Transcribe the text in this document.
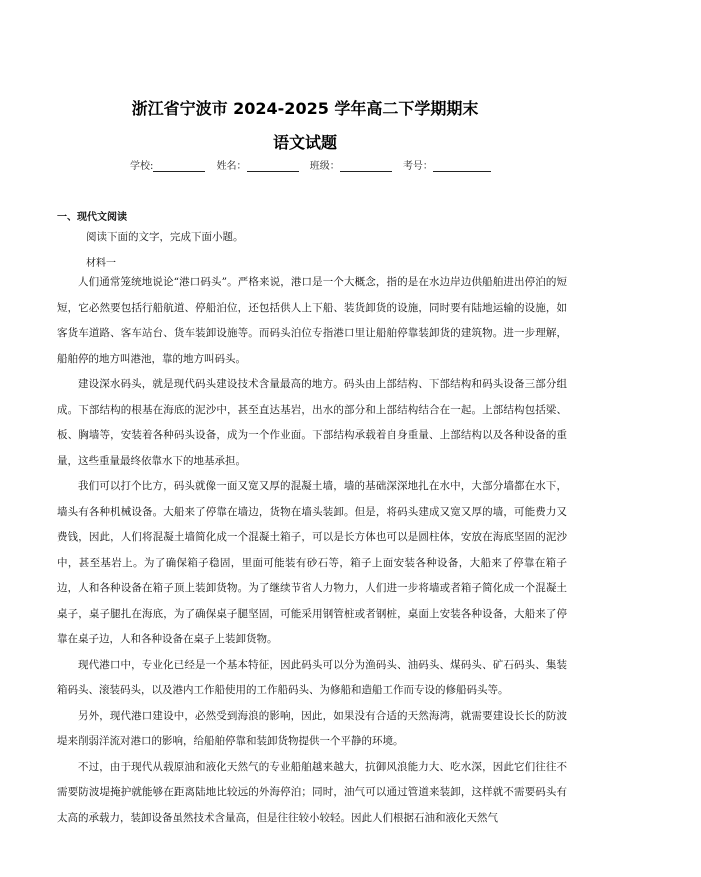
浙江省宁波市 2024-2025 学年高二下学期期末
语文试题
学校:	姓名：	班级：	考号：
一、现代文阅读
阅读下面的文字，完成下面小题。
材料一

人们通常笼统地说论“港口码头”。严格来说，港口是一个大概念，指的是在水边岸边供船舶进出停泊的短短，它必然要包括行船航道、停船泊位，还包括供人上下船、装货卸货的设施，同时要有陆地运输的设施，如客货车道路、客车站台、货车装卸设施等。而码头泊位专指港口里让船舶停靠装卸货的建筑物。进一步理解，船舶停的地方叫港池，靠的地方叫码头。

建设深水码头，就是现代码头建设技术含量最高的地方。码头由上部结构、下部结构和码头设备三部分组成。下部结构的根基在海底的泥沙中，甚至直达基岩，出水的部分和上部结构结合在一起。上部结构包括梁、板、胸墙等，安装着各种码头设备，成为一个作业面。下部结构承载着自身重量、上部结构以及各种设备的重量，这些重量最终依靠水下的地基承担。

我们可以打个比方，码头就像一面又宽又厚的混凝土墙，墙的基础深深地扎在水中，大部分墙都在水下，墙头有各种机械设备。大船来了停靠在墙边，货物在墙头装卸。但是，将码头建成又宽又厚的墙，可能费力又费钱，因此，人们将混凝土墙简化成一个混凝土箱子，可以是长方体也可以是圆柱体，安放在海底坚固的泥沙中，甚至基岩上。为了确保箱子稳固，里面可能装有砂石等，箱子上面安装各种设备，大船来了停靠在箱子边，人和各种设备在箱子顶上装卸货物。为了继续节省人力物力，人们进一步将墙或者箱子简化成一个混凝土桌子，桌子腿扎在海底，为了确保桌子腿坚固，可能采用钢管桩或者钢桩，桌面上安装各种设备，大船来了停靠在桌子边，人和各种设备在桌子上装卸货物。

现代港口中，专业化已经是一个基本特征，因此码头可以分为渔码头、油码头、煤码头、矿石码头、集装箱码头、滚装码头，以及港内工作船使用的工作船码头、为修船和造船工作而专设的修船码头等。

另外，现代港口建设中，必然受到海浪的影响，因此，如果没有合适的天然海湾，就需要建设长长的防波堤来削弱洋流对港口的影响，给船舶停靠和装卸货物提供一个平静的环境。

不过，由于现代从载原油和液化天然气的专业船舶越来越大，抗御风浪能力大、吃水深，因此它们往往不需要防波堤掩护就能够在距离陆地比较远的外海停泊；同时，油气可以通过管道来装卸，这样就不需要码头有太高的承载力，装卸设备虽然技术含量高，但是往往较小较轻。因此人们根据石油和液化天然气
